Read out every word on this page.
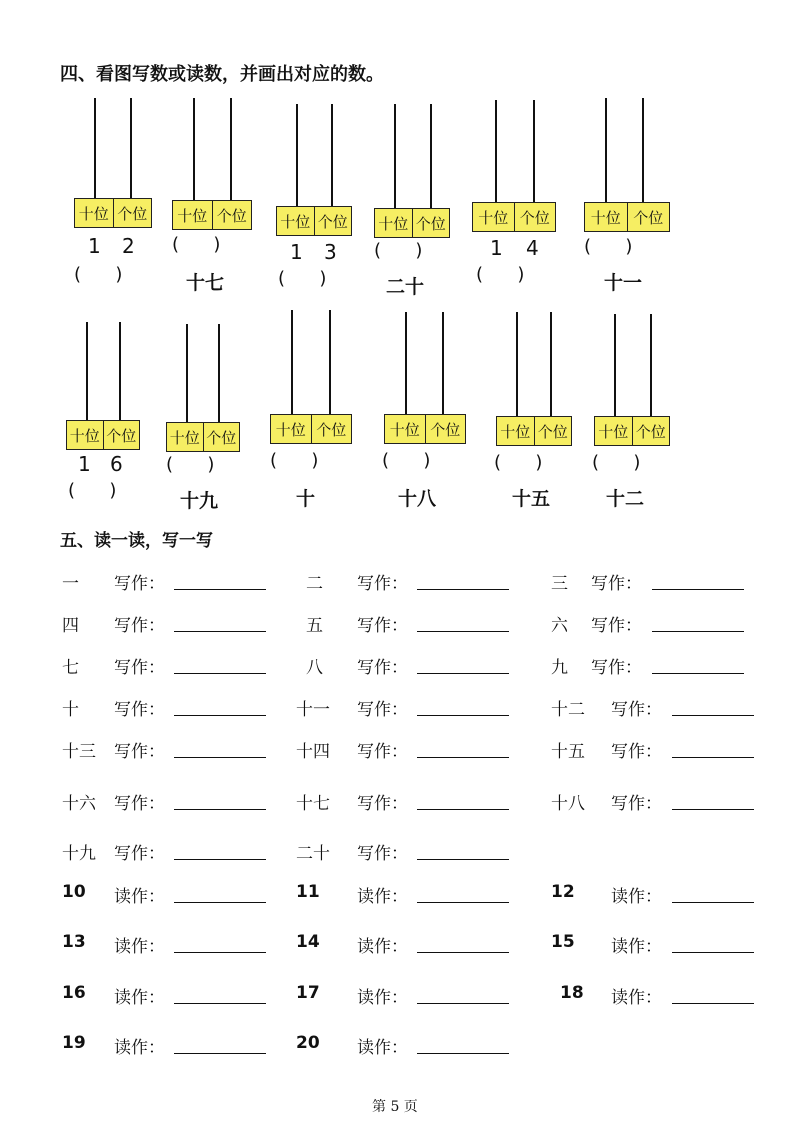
四、看图写数或读数，并画出对应的数。
十位 个位
1 2
(      )
十位 个位
(      )
十七
十位 个位
1 3
(      )
十位 个位
(      )
二十
十位 个位
1 4
(      )
十位 个位
(      )
十一
十位 个位
1 6
(      )
十位 个位
(      )
十九
十位 个位
(      )
十
十位 个位
(      )
十八
十位 个位
(      )
十五
十位 个位
(      )
十二
五、读一读，写一写
一 写作：	二 写作：	三 写作：
四 写作：	五 写作：	六 写作：
七 写作：	八 写作：	九 写作：
十 写作：	十一 写作：	十二 写作：
十三 写作：	十四 写作：	十五 写作：
十六 写作：	十七 写作：	十八 写作：
十九 写作：	二十 写作：
10 读作：	11 读作：	12 读作：
13 读作：	14 读作：	15 读作：
16 读作：	17 读作：	18 读作：
19 读作：	20 读作：
第 5 页
